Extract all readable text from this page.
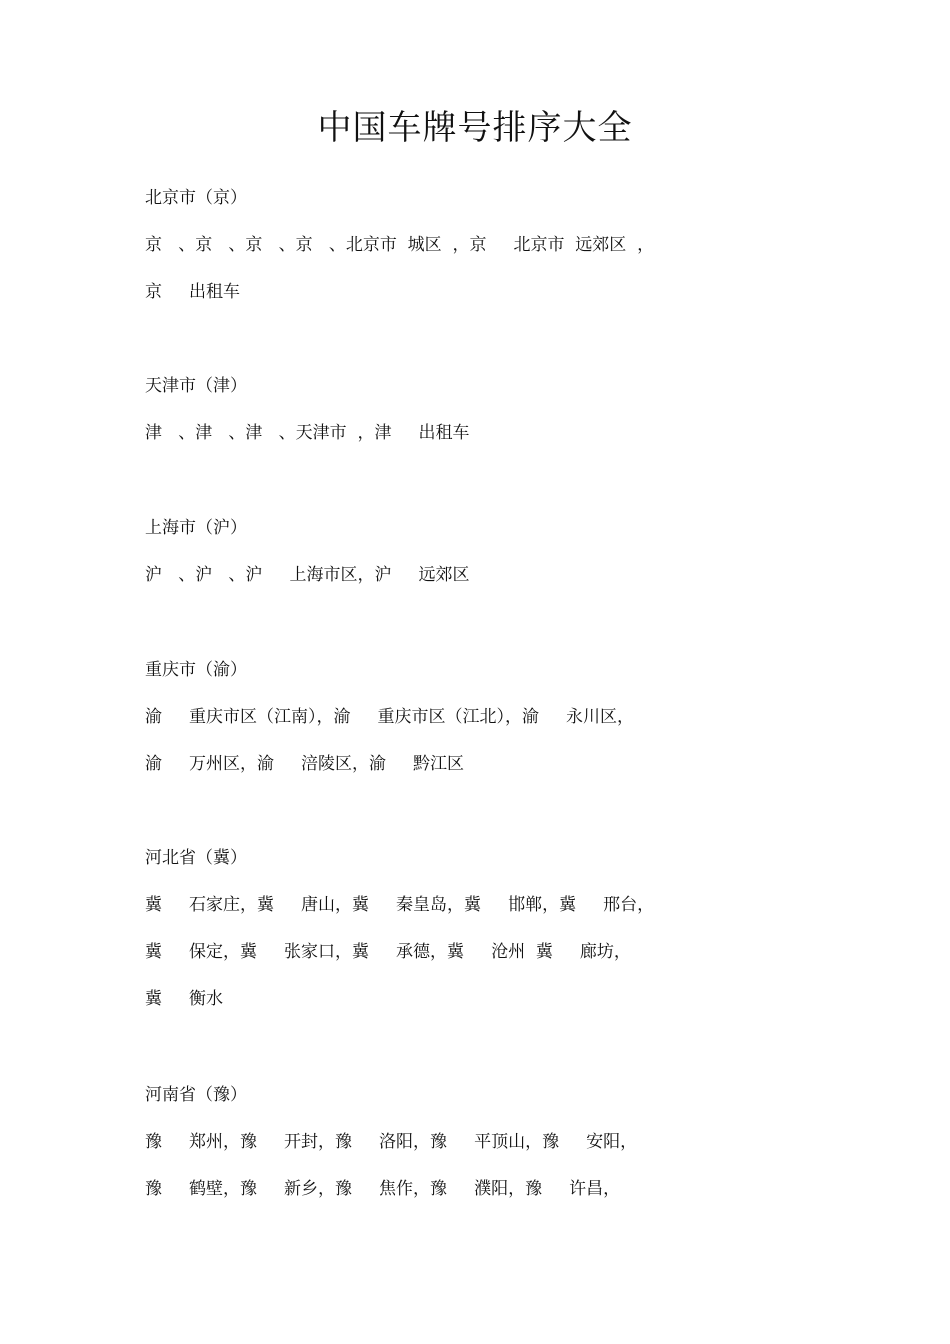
中国车牌号排序大全

北京市（京）

京   、京   、京   、京   、北京市  城区  ，京     北京市  远郊区  ，

京     出租车

天津市（津）

津   、津   、津   、天津市  ，津     出租车

上海市（沪）

沪   、沪   、沪     上海市区，沪     远郊区

重庆市（渝）

渝     重庆市区（江南），渝     重庆市区（江北），渝     永川区，

渝     万州区，渝     涪陵区，渝     黔江区

河北省（冀）

冀     石家庄，冀     唐山，冀     秦皇岛，冀     邯郸，冀     邢台，

冀     保定，冀     张家口，冀     承德，冀     沧州  冀     廊坊，

冀     衡水

河南省（豫）

豫     郑州，豫     开封，豫     洛阳，豫     平顶山，豫     安阳，

豫     鹤壁，豫     新乡，豫     焦作，豫     濮阳，豫     许昌，
